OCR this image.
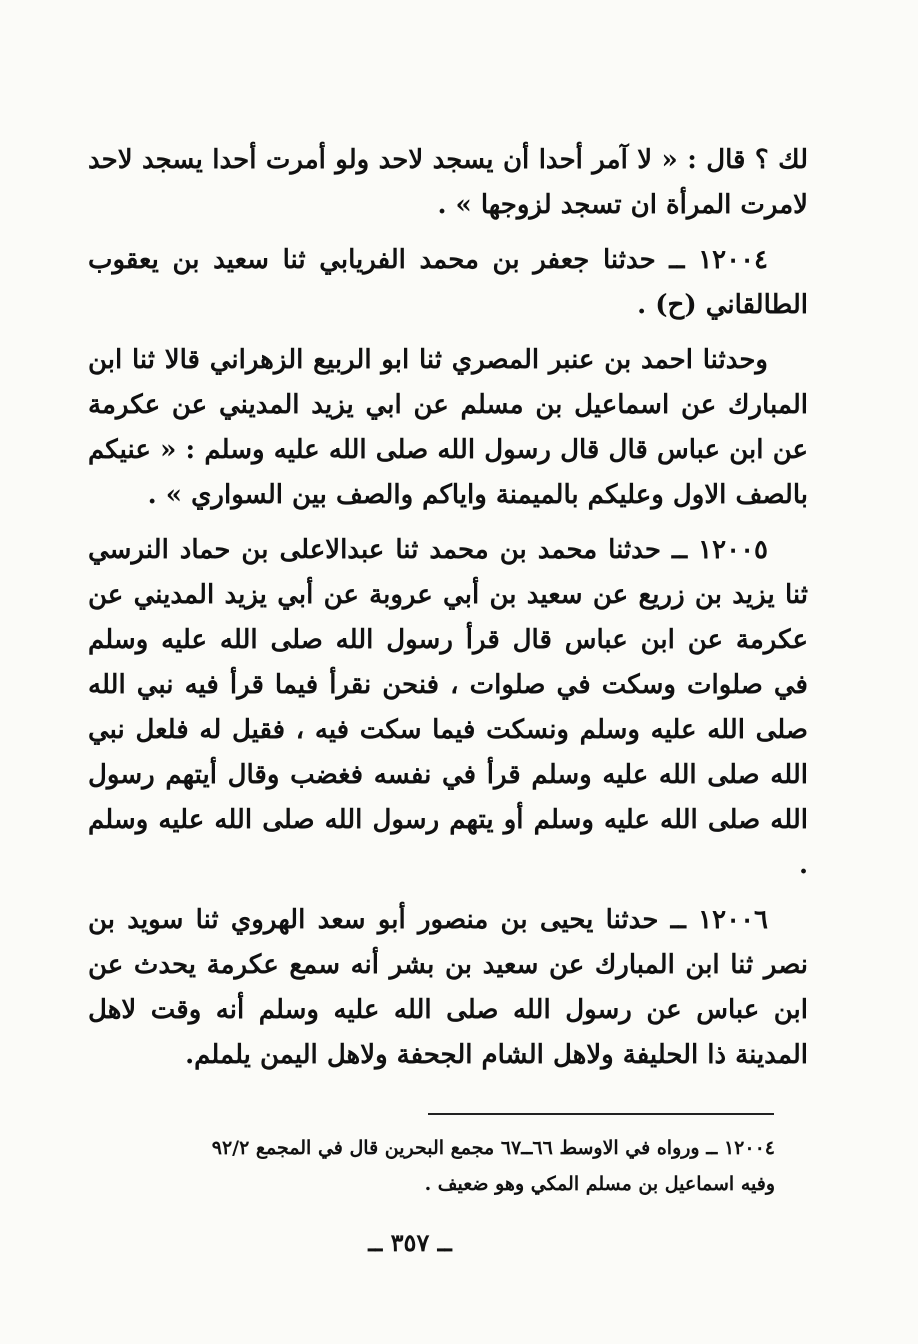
لك ؟ قال : « لا آمر أحدا أن يسجد لاحد ولو أمرت أحدا يسجد لاحد لامرت المرأة ان تسجد لزوجها » .

١٢٠٠٤ ــ حدثنا جعفر بن محمد الفريابي ثنا سعيد بن يعقوب الطالقاني (ح) .

وحدثنا احمد بن عنبر المصري ثنا ابو الربيع الزهراني قالا ثنا ابن المبارك عن اسماعيل بن مسلم عن ابي يزيد المديني عن عكرمة عن ابن عباس قال قال رسول الله صلى الله عليه وسلم : « عنيكم بالصف الاول وعليكم بالميمنة واياكم والصف بين السواري » .

١٢٠٠٥ ــ حدثنا محمد بن محمد ثنا عبدالاعلى بن حماد النرسي ثنا يزيد بن زريع عن سعيد بن أبي عروبة عن أبي يزيد المديني عن عكرمة عن ابن عباس قال قرأ رسول الله صلى الله عليه وسلم في صلوات وسكت في صلوات ، فنحن نقرأ فيما قرأ فيه نبي الله صلى الله عليه وسلم ونسكت فيما سكت فيه ، فقيل له فلعل نبي الله صلى الله عليه وسلم قرأ في نفسه فغضب وقال أيتهم رسول الله صلى الله عليه وسلم أو يتهم رسول الله صلى الله عليه وسلم .

١٢٠٠٦ ــ حدثنا يحيى بن منصور أبو سعد الهروي ثنا سويد بن نصر ثنا ابن المبارك عن سعيد بن بشر أنه سمع عكرمة يحدث عن ابن عباس عن رسول الله صلى الله عليه وسلم أنه وقت لاهل المدينة ذا الحليفة ولاهل الشام الجحفة ولاهل اليمن يلملم.

١٢٠٠٤ ــ ورواه في الاوسط ٦٦ــ٦٧ مجمع البحرين قال في المجمع ٩٢/٢

وفيه اسماعيل بن مسلم المكي وهو ضعيف .

ــ ٣٥٧ ــ
